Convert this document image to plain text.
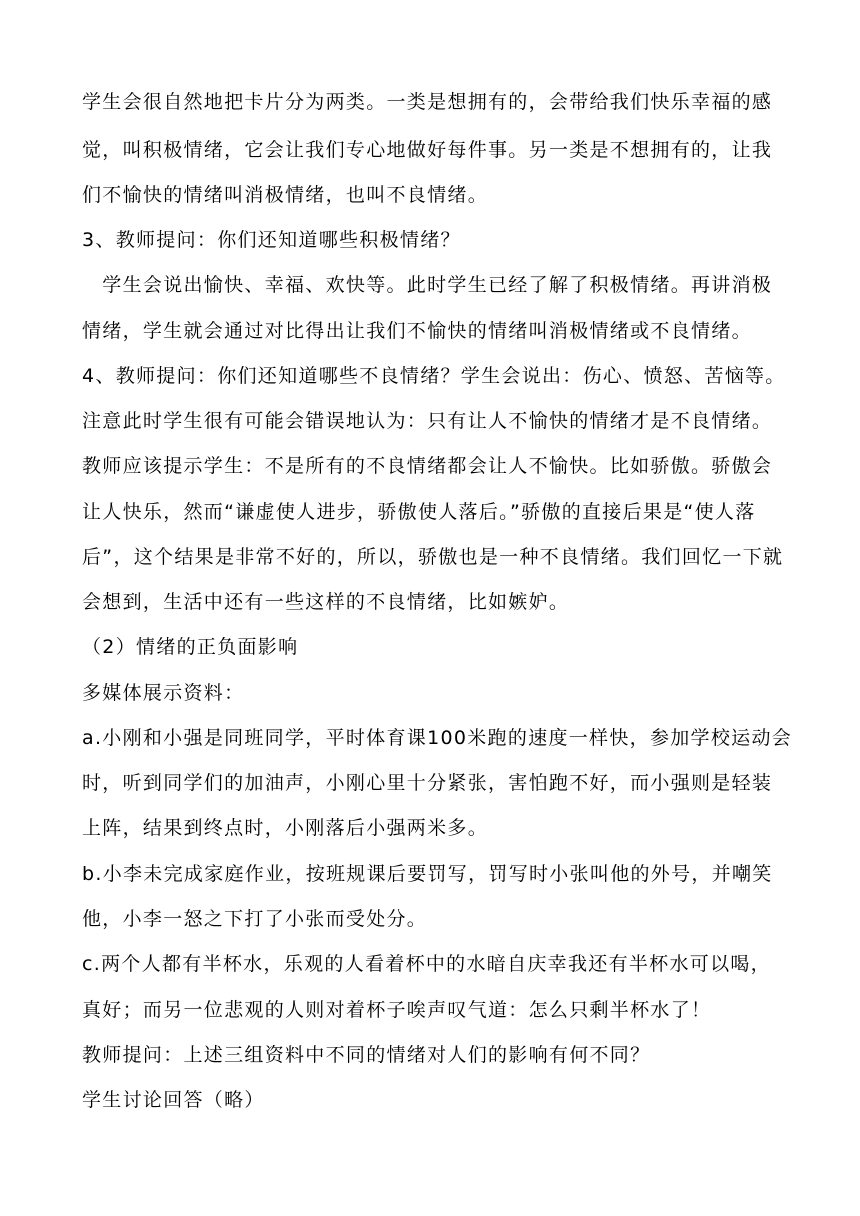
学生会很自然地把卡片分为两类。一类是想拥有的，会带给我们快乐幸福的感
觉，叫积极情绪，它会让我们专心地做好每件事。另一类是不想拥有的，让我
们不愉快的情绪叫消极情绪，也叫不良情绪。
3、教师提问：你们还知道哪些积极情绪？
　学生会说出愉快、幸福、欢快等。此时学生已经了解了积极情绪。再讲消极
情绪，学生就会通过对比得出让我们不愉快的情绪叫消极情绪或不良情绪。
4、教师提问：你们还知道哪些不良情绪？学生会说出：伤心、愤怒、苦恼等。
注意此时学生很有可能会错误地认为：只有让人不愉快的情绪才是不良情绪。
教师应该提示学生：不是所有的不良情绪都会让人不愉快。比如骄傲。骄傲会
让人快乐，然而“谦虚使人进步，骄傲使人落后。”骄傲的直接后果是“使人落
后”，这个结果是非常不好的，所以，骄傲也是一种不良情绪。我们回忆一下就
会想到，生活中还有一些这样的不良情绪，比如嫉妒。
（2）情绪的正负面影响
多媒体展示资料：
a.小刚和小强是同班同学，平时体育课100米跑的速度一样快，参加学校运动会
时，听到同学们的加油声，小刚心里十分紧张，害怕跑不好，而小强则是轻装
上阵，结果到终点时，小刚落后小强两米多。
b.小李未完成家庭作业，按班规课后要罚写，罚写时小张叫他的外号，并嘲笑
他，小李一怒之下打了小张而受处分。
c.两个人都有半杯水，乐观的人看着杯中的水暗自庆幸我还有半杯水可以喝，
真好；而另一位悲观的人则对着杯子唉声叹气道：怎么只剩半杯水了！
教师提问：上述三组资料中不同的情绪对人们的影响有何不同？
学生讨论回答（略）
